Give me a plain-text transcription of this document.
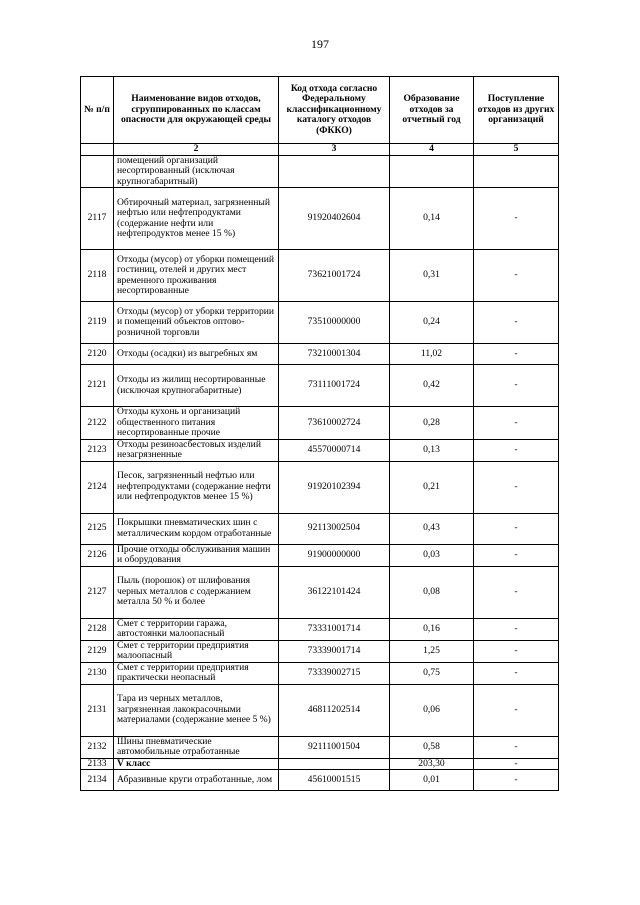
197
№ п/п	Наименование видов отходов, сгруппированных по классам опасности для окружающей среды	Код отхода согласно Федеральному классификационному каталогу отходов (ФККО)	Образование отходов за отчетный год	Поступление отходов из других организаций
	2	3	4	5
	помещений организаций несортированный (исключая крупногабаритный)			
2117	Обтирочный материал, загрязненный нефтью или нефтепродуктами (содержание нефти или нефтепродуктов менее 15 %)	91920402604	0,14	-
2118	Отходы (мусор) от уборки помещений гостиниц, отелей и других мест временного проживания несортированные	73621001724	0,31	-
2119	Отходы (мусор) от уборки территории и помещений объектов оптово-розничной торговли	73510000000	0,24	-
2120	Отходы (осадки) из выгребных ям	73210001304	11,02	-
2121	Отходы из жилищ несортированные (исключая крупногабаритные)	73111001724	0,42	-
2122	Отходы кухонь и организаций общественного питания несортированные прочие	73610002724	0,28	-
2123	Отходы резиноасбестовых изделий незагрязненные	45570000714	0,13	-
2124	Песок, загрязненный нефтью или нефтепродуктами (содержание нефти или нефтепродуктов менее 15 %)	91920102394	0,21	-
2125	Покрышки пневматических шин с металлическим кордом отработанные	92113002504	0,43	-
2126	Прочие отходы обслуживания машин и оборудования	91900000000	0,03	-
2127	Пыль (порошок) от шлифования черных металлов с содержанием металла 50 % и более	36122101424	0,08	-
2128	Смет с территории гаража, автостоянки малоопасный	73331001714	0,16	-
2129	Смет с территории предприятия малоопасный	73339001714	1,25	-
2130	Смет с территории предприятия практически неопасный	73339002715	0,75	-
2131	Тара из черных металлов, загрязненная лакокрасочными материалами (содержание менее 5 %)	46811202514	0,06	-
2132	Шины пневматические автомобильные отработанные	92111001504	0,58	-
2133	V класс		203,30	-
2134	Абразивные круги отработанные, лом	45610001515	0,01	-
